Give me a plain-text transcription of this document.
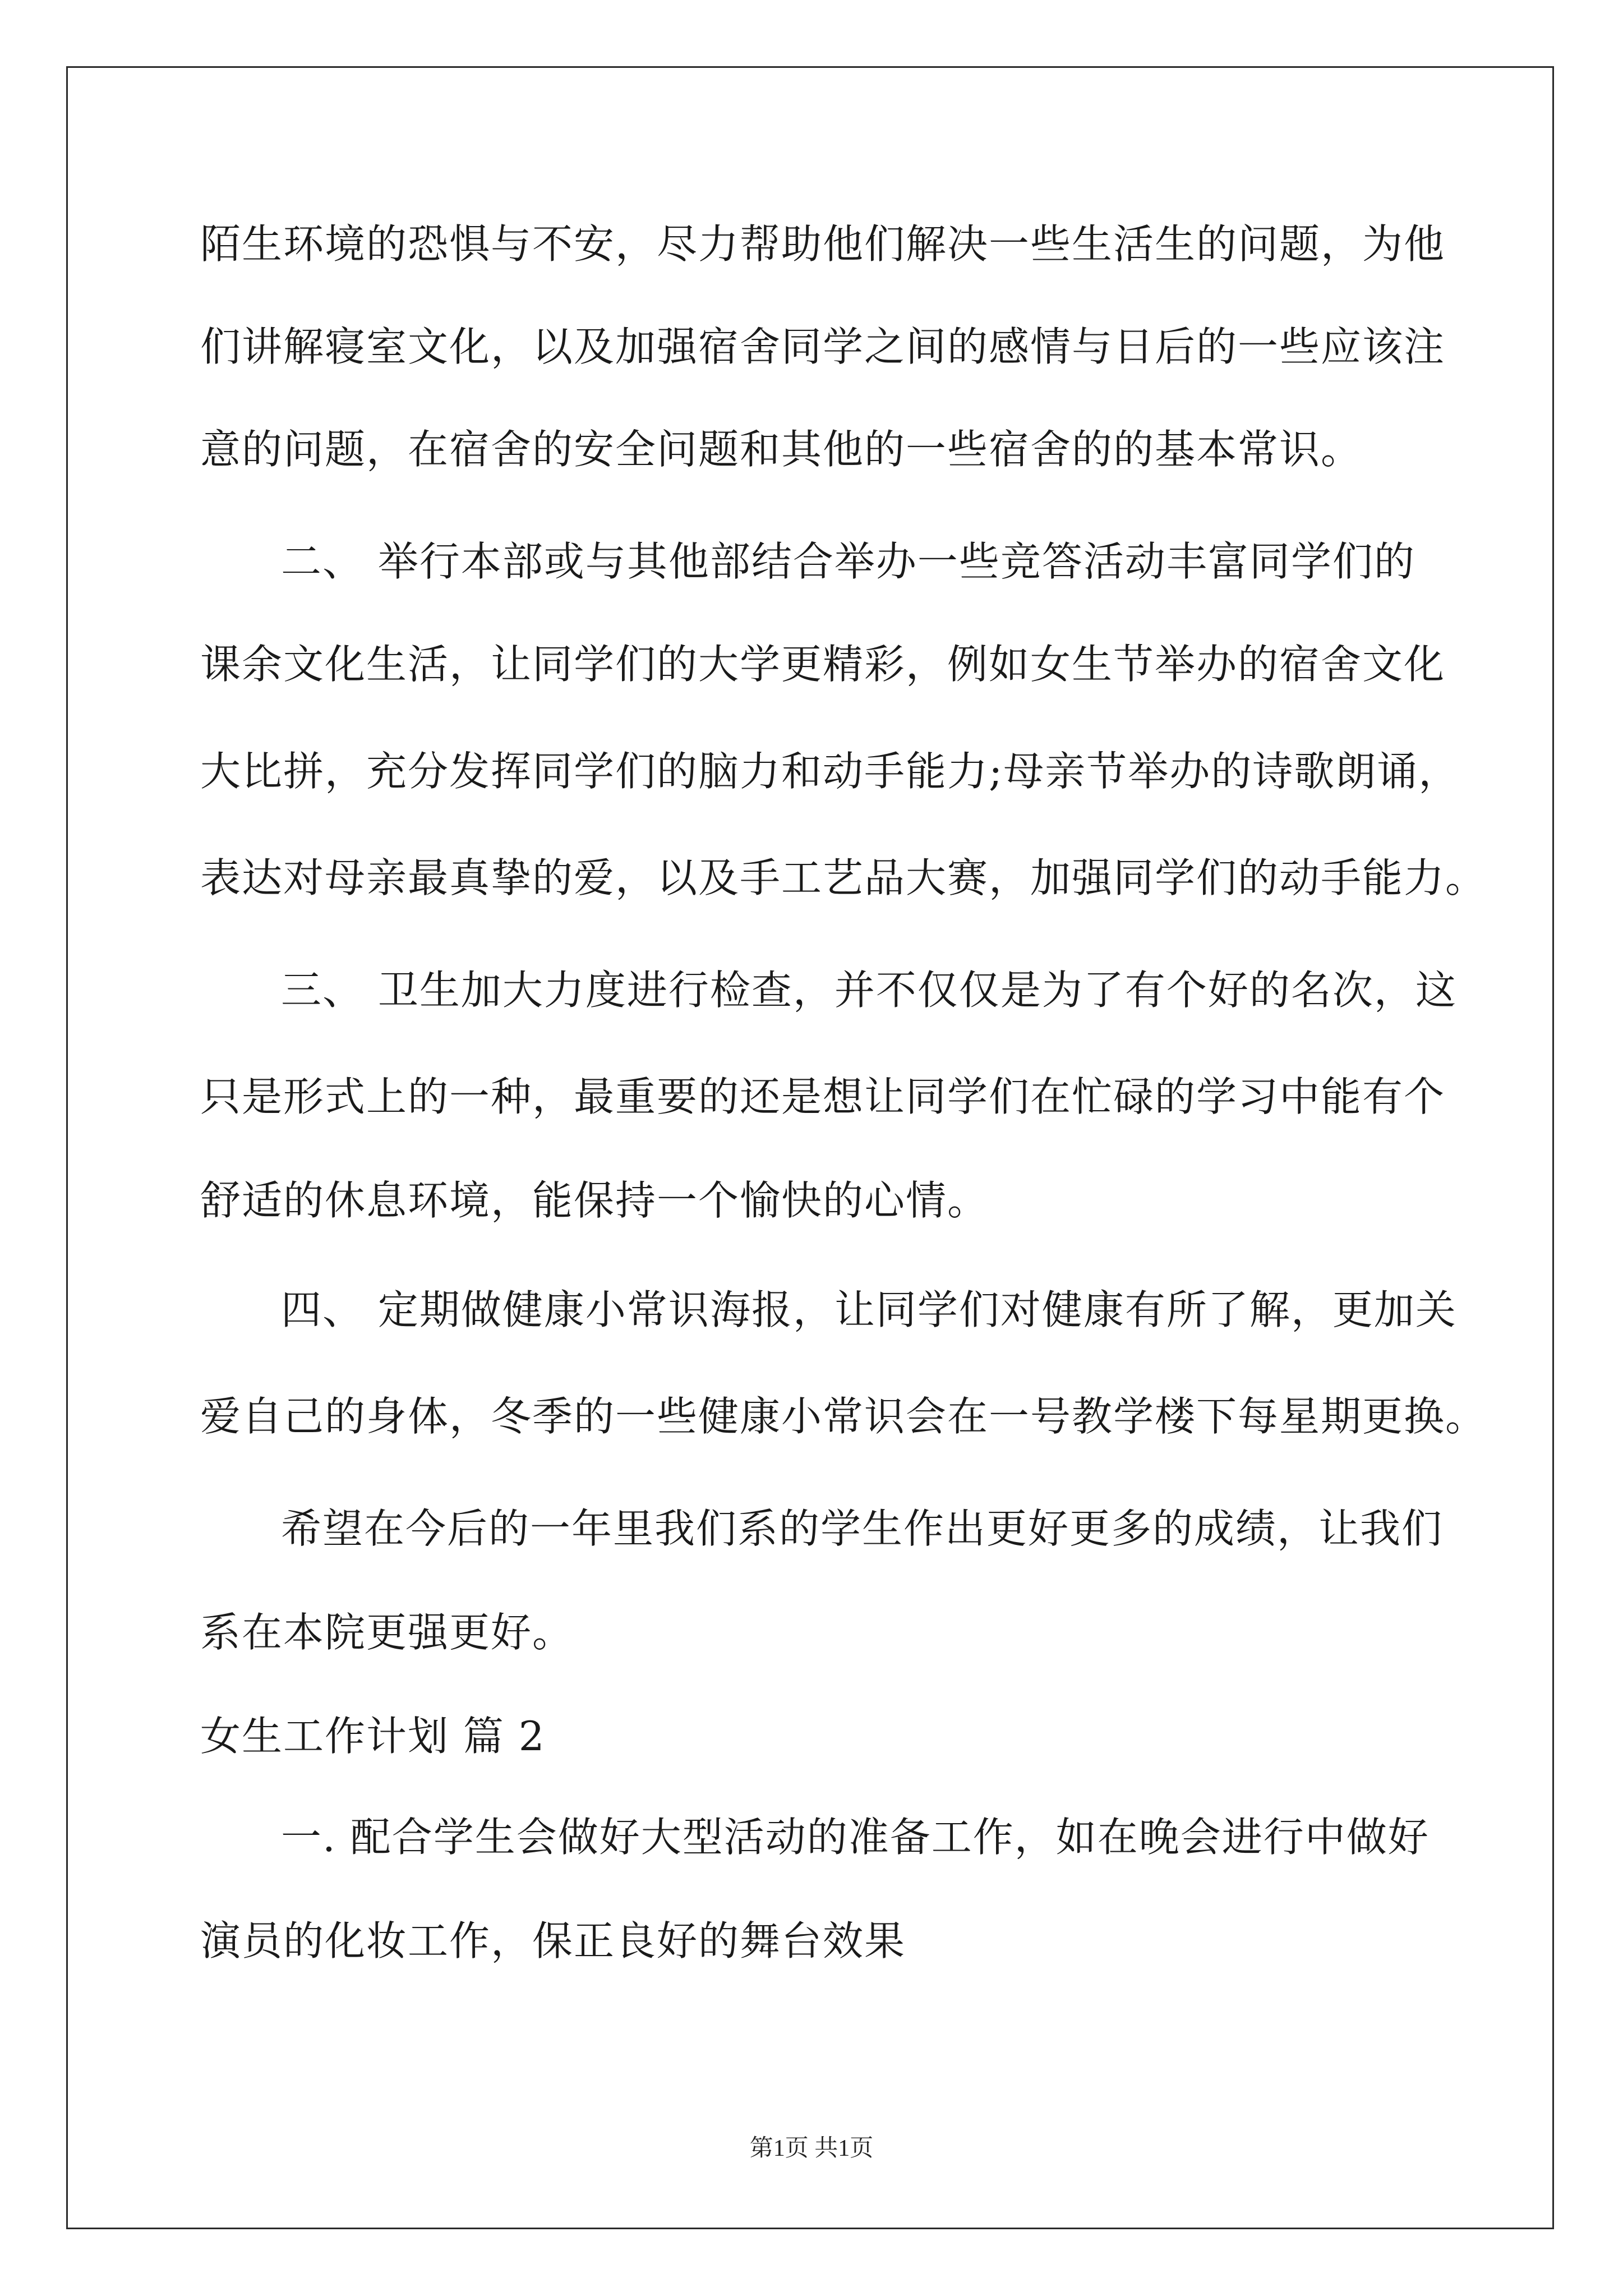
陌生环境的恐惧与不安，尽力帮助他们解决一些生活生的问题，为他
们讲解寝室文化，以及加强宿舍同学之间的感情与日后的一些应该注
意的问题，在宿舍的安全问题和其他的一些宿舍的的基本常识。
二、 举行本部或与其他部结合举办一些竞答活动丰富同学们的
课余文化生活，让同学们的大学更精彩，例如女生节举办的宿舍文化
大比拼，充分发挥同学们的脑力和动手能力;母亲节举办的诗歌朗诵，
表达对母亲最真挚的爱，以及手工艺品大赛，加强同学们的动手能力。
三、 卫生加大力度进行检查，并不仅仅是为了有个好的名次，这
只是形式上的一种，最重要的还是想让同学们在忙碌的学习中能有个
舒适的休息环境，能保持一个愉快的心情。
四、 定期做健康小常识海报，让同学们对健康有所了解，更加关
爱自己的身体，冬季的一些健康小常识会在一号教学楼下每星期更换。
希望在今后的一年里我们系的学生作出更好更多的成绩，让我们
系在本院更强更好。
女生工作计划 篇 2
一. 配合学生会做好大型活动的准备工作，如在晚会进行中做好
演员的化妆工作，保正良好的舞台效果
第1页 共1页
